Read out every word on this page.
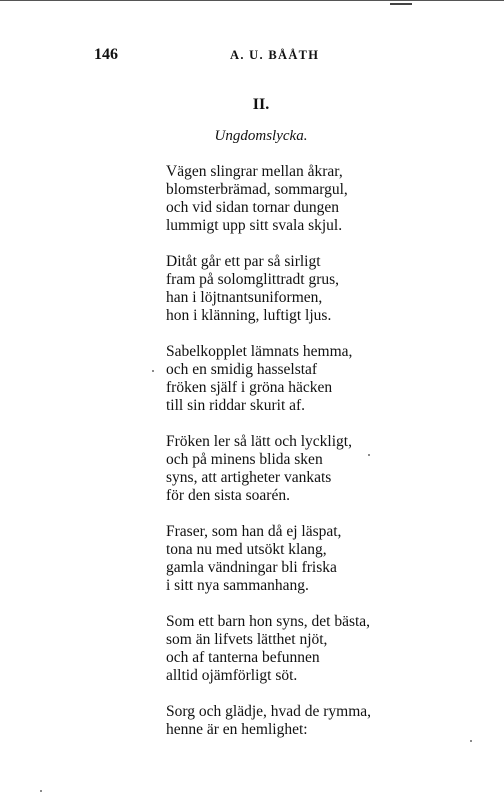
146	A. U. BÅÅTH
II.
Ungdomslycka.
Vägen slingrar mellan åkrar,
blomsterbrämad, sommargul,
och vid sidan tornar dungen
lummigt upp sitt svala skjul.
Ditåt går ett par så sirligt
fram på solomglittradt grus,
han i löjtnantsuniformen,
hon i klänning, luftigt ljus.
Sabelkopplet lämnats hemma,
och en smidig hasselstaf
fröken själf i gröna häcken
till sin riddar skurit af.
Fröken ler så lätt och lyckligt,
och på minens blida sken
syns, att artigheter vankats
för den sista soarén.
Fraser, som han då ej läspat,
tona nu med utsökt klang,
gamla vändningar bli friska
i sitt nya sammanhang.
Som ett barn hon syns, det bästa,
som än lifvets lätthet njöt,
och af tanterna befunnen
alltid ojämförligt söt.
Sorg och glädje, hvad de rymma,
henne är en hemlighet:
